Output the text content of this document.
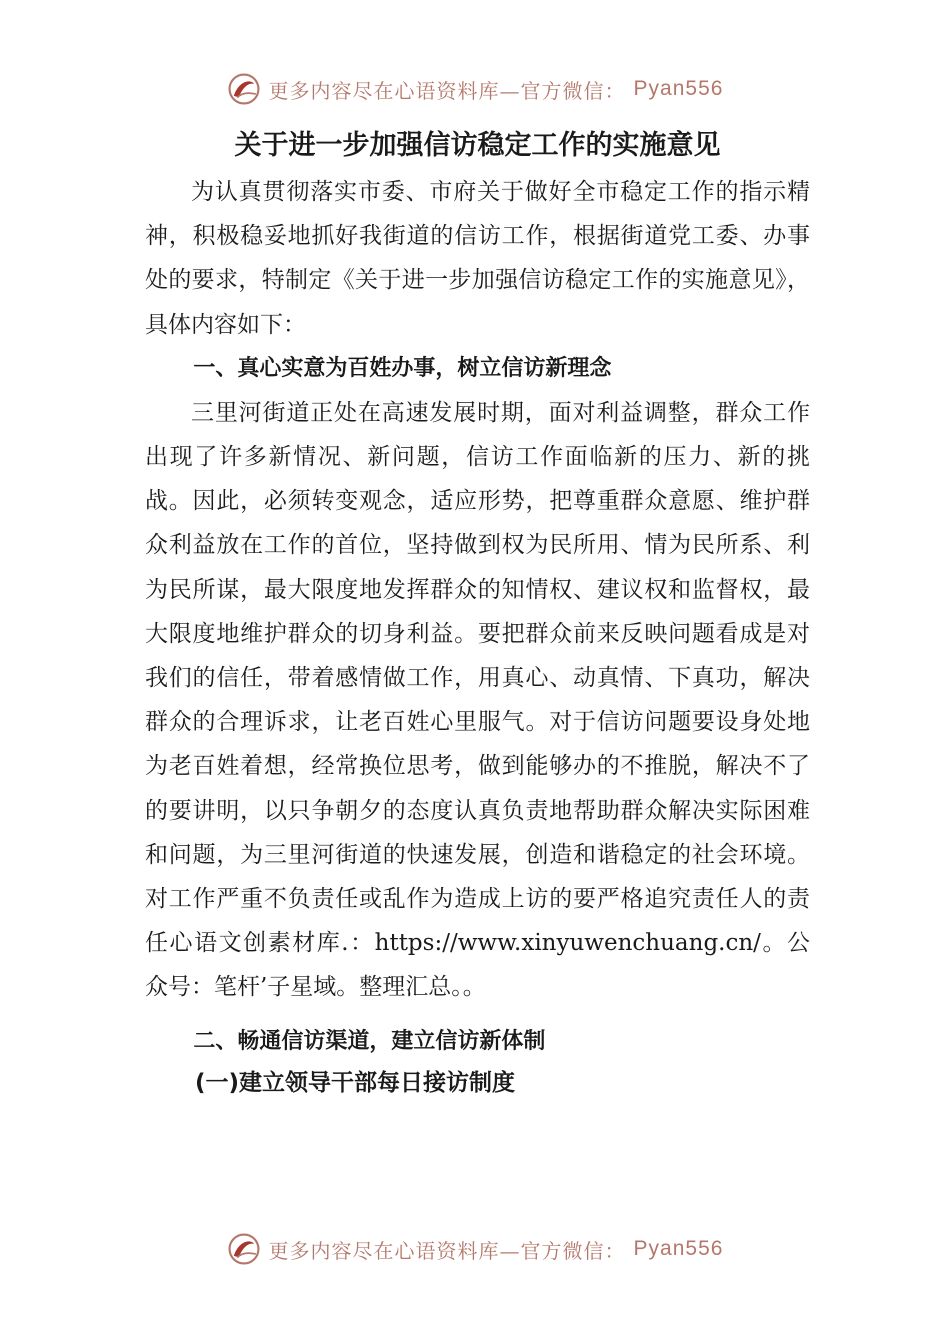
更多内容尽在心语资料库—官方微信： Pyan556
关于进一步加强信访稳定工作的实施意见

为认真贯彻落实市委、市府关于做好全市稳定工作的指示精神，积极稳妥地抓好我街道的信访工作，根据街道党工委、办事处的要求，特制定《关于进一步加强信访稳定工作的实施意见》，具体内容如下：

一、真心实意为百姓办事，树立信访新理念

三里河街道正处在高速发展时期，面对利益调整，群众工作出现了许多新情况、新问题，信访工作面临新的压力、新的挑战。因此，必须转变观念，适应形势，把尊重群众意愿、维护群众利益放在工作的首位，坚持做到权为民所用、情为民所系、利为民所谋，最大限度地发挥群众的知情权、建议权和监督权，最大限度地维护群众的切身利益。要把群众前来反映问题看成是对我们的信任，带着感情做工作，用真心、动真情、下真功，解决群众的合理诉求，让老百姓心里服气。对于信访问题要设身处地为老百姓着想，经常换位思考，做到能够办的不推脱，解决不了的要讲明，以只争朝夕的态度认真负责地帮助群众解决实际困难和问题，为三里河街道的快速发展，创造和谐稳定的社会环境。对工作严重不负责任或乱作为造成上访的要严格追究责任人的责任心语文创素材库.：https://www.xinyuwenchuang.cn/。公众号：笔杆’子星域。整理汇总。。

二、畅通信访渠道，建立信访新体制
(一)建立领导干部每日接访制度
更多内容尽在心语资料库—官方微信： Pyan556
